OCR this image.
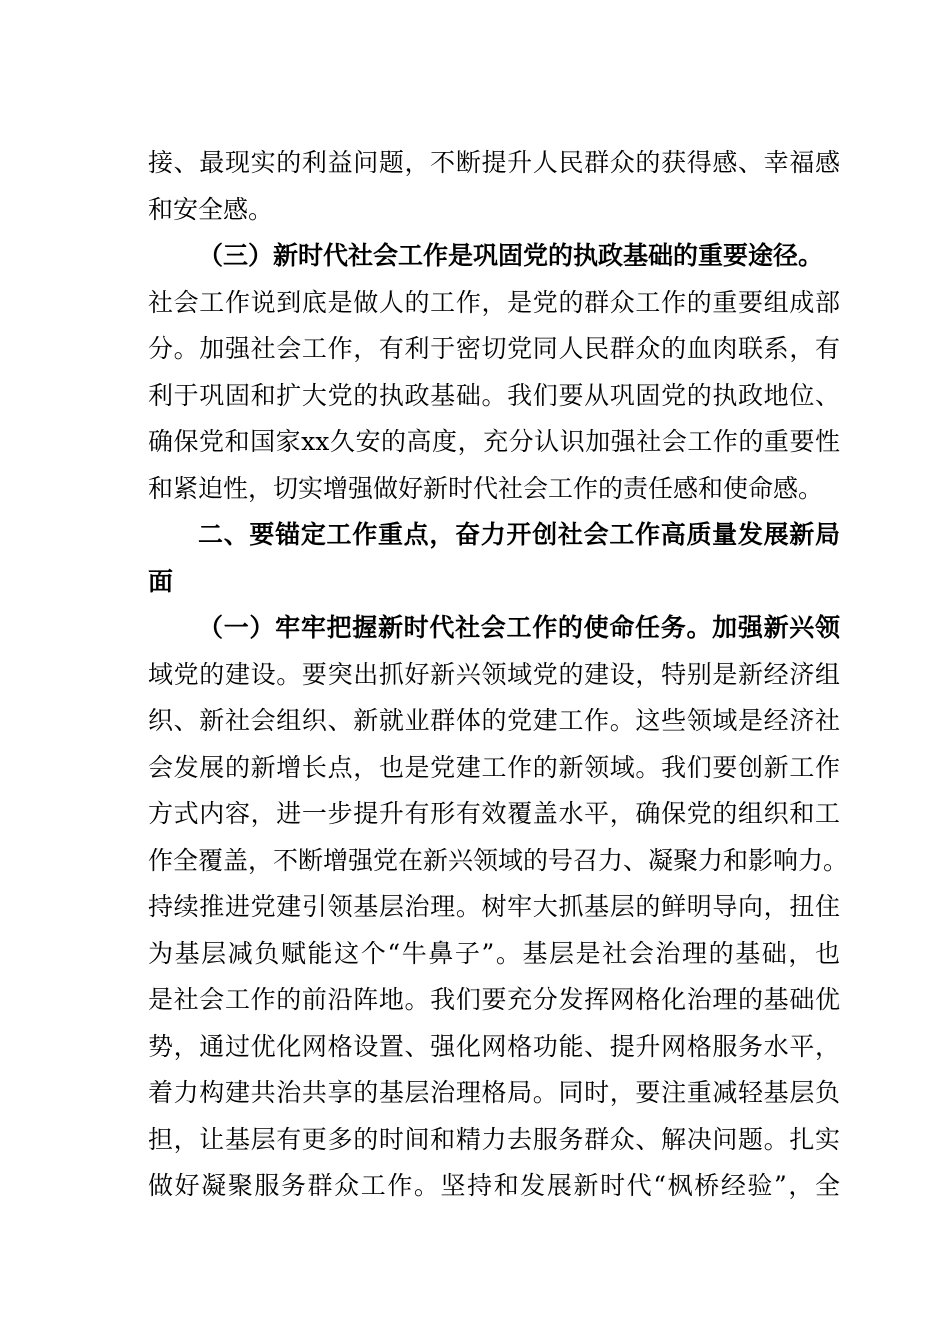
接、最现实的利益问题，不断提升人民群众的获得感、幸福感
和安全感。
（三）新时代社会工作是巩固党的执政基础的重要途径。
社会工作说到底是做人的工作，是党的群众工作的重要组成部
分。加强社会工作，有利于密切党同人民群众的血肉联系，有
利于巩固和扩大党的执政基础。我们要从巩固党的执政地位、
确保党和国家xx久安的高度，充分认识加强社会工作的重要性
和紧迫性，切实增强做好新时代社会工作的责任感和使命感。
二、要锚定工作重点，奋力开创社会工作高质量发展新局
面
（一）牢牢把握新时代社会工作的使命任务。加强新兴领
域党的建设。要突出抓好新兴领域党的建设，特别是新经济组
织、新社会组织、新就业群体的党建工作。这些领域是经济社
会发展的新增长点，也是党建工作的新领域。我们要创新工作
方式内容，进一步提升有形有效覆盖水平，确保党的组织和工
作全覆盖，不断增强党在新兴领域的号召力、凝聚力和影响力。
持续推进党建引领基层治理。树牢大抓基层的鲜明导向，扭住
为基层减负赋能这个“牛鼻子”。基层是社会治理的基础，也
是社会工作的前沿阵地。我们要充分发挥网格化治理的基础优
势，通过优化网格设置、强化网格功能、提升网格服务水平，
着力构建共治共享的基层治理格局。同时，要注重减轻基层负
担，让基层有更多的时间和精力去服务群众、解决问题。扎实
做好凝聚服务群众工作。坚持和发展新时代“枫桥经验”，全
